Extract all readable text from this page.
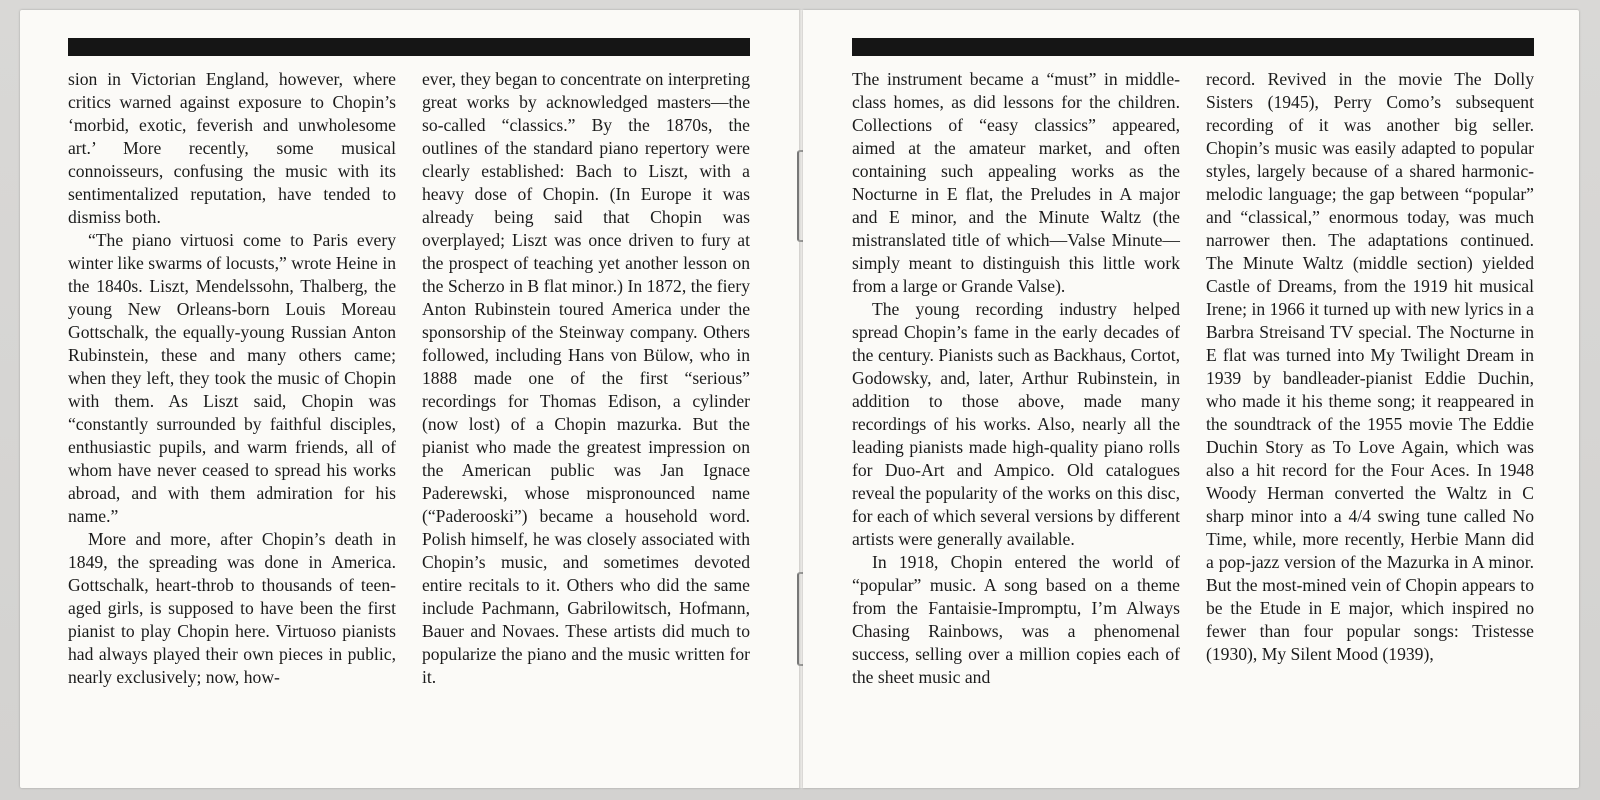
sion in Victorian England, however, where critics warned against exposure to Chopin’s ‘morbid, exotic, feverish and unwholesome art.’ More recently, some musical connoisseurs, confusing the music with its sentimentalized reputation, have tended to dismiss both.

“The piano virtuosi come to Paris every winter like swarms of locusts,” wrote Heine in the 1840s. Liszt, Mendelssohn, Thalberg, the young New Orleans-born Louis Moreau Gottschalk, the equally-young Russian Anton Rubinstein, these and many others came; when they left, they took the music of Chopin with them. As Liszt said, Chopin was “constantly surrounded by faithful disciples, enthusiastic pupils, and warm friends, all of whom have never ceased to spread his works abroad, and with them admiration for his name.”

More and more, after Chopin’s death in 1849, the spreading was done in America. Gottschalk, heart-throb to thousands of teen-aged girls, is supposed to have been the first pianist to play Chopin here. Virtuoso pianists had always played their own pieces in public, nearly exclusively; now, how-

ever, they began to concentrate on interpreting great works by acknowledged masters—the so-called “classics.” By the 1870s, the outlines of the standard piano repertory were clearly established: Bach to Liszt, with a heavy dose of Chopin. (In Europe it was already being said that Chopin was overplayed; Liszt was once driven to fury at the prospect of teaching yet another lesson on the Scherzo in B flat minor.) In 1872, the fiery Anton Rubinstein toured America under the sponsorship of the Steinway company. Others followed, including Hans von Bülow, who in 1888 made one of the first “serious” recordings for Thomas Edison, a cylinder (now lost) of a Chopin mazurka. But the pianist who made the greatest impression on the American public was Jan Ignace Paderewski, whose mispronounced name (“Paderooski”) became a household word. Polish himself, he was closely associated with Chopin’s music, and sometimes devoted entire recitals to it. Others who did the same include Pachmann, Gabrilowitsch, Hofmann, Bauer and Novaes. These artists did much to popularize the piano and the music written for it.

The instrument became a “must” in middle-class homes, as did lessons for the children. Collections of “easy classics” appeared, aimed at the amateur market, and often containing such appealing works as the Nocturne in E flat, the Preludes in A major and E minor, and the Minute Waltz (the mistranslated title of which—Valse Minute—simply meant to distinguish this little work from a large or Grande Valse).

The young recording industry helped spread Chopin’s fame in the early decades of the century. Pianists such as Backhaus, Cortot, Godowsky, and, later, Arthur Rubinstein, in addition to those above, made many recordings of his works. Also, nearly all the leading pianists made high-quality piano rolls for Duo-Art and Ampico. Old catalogues reveal the popularity of the works on this disc, for each of which several versions by different artists were generally available.

In 1918, Chopin entered the world of “popular” music. A song based on a theme from the Fantaisie-Impromptu, I’m Always Chasing Rainbows, was a phenomenal success, selling over a million copies each of the sheet music and

record. Revived in the movie The Dolly Sisters (1945), Perry Como’s subsequent recording of it was another big seller. Chopin’s music was easily adapted to popular styles, largely because of a shared harmonic-melodic language; the gap between “popular” and “classical,” enormous today, was much narrower then. The adaptations continued. The Minute Waltz (middle section) yielded Castle of Dreams, from the 1919 hit musical Irene; in 1966 it turned up with new lyrics in a Barbra Streisand TV special. The Nocturne in E flat was turned into My Twilight Dream in 1939 by bandleader-pianist Eddie Duchin, who made it his theme song; it reappeared in the soundtrack of the 1955 movie The Eddie Duchin Story as To Love Again, which was also a hit record for the Four Aces. In 1948 Woody Herman converted the Waltz in C sharp minor into a 4/4 swing tune called No Time, while, more recently, Herbie Mann did a pop-jazz version of the Mazurka in A minor. But the most-mined vein of Chopin appears to be the Etude in E major, which inspired no fewer than four popular songs: Tristesse (1930), My Silent Mood (1939),
